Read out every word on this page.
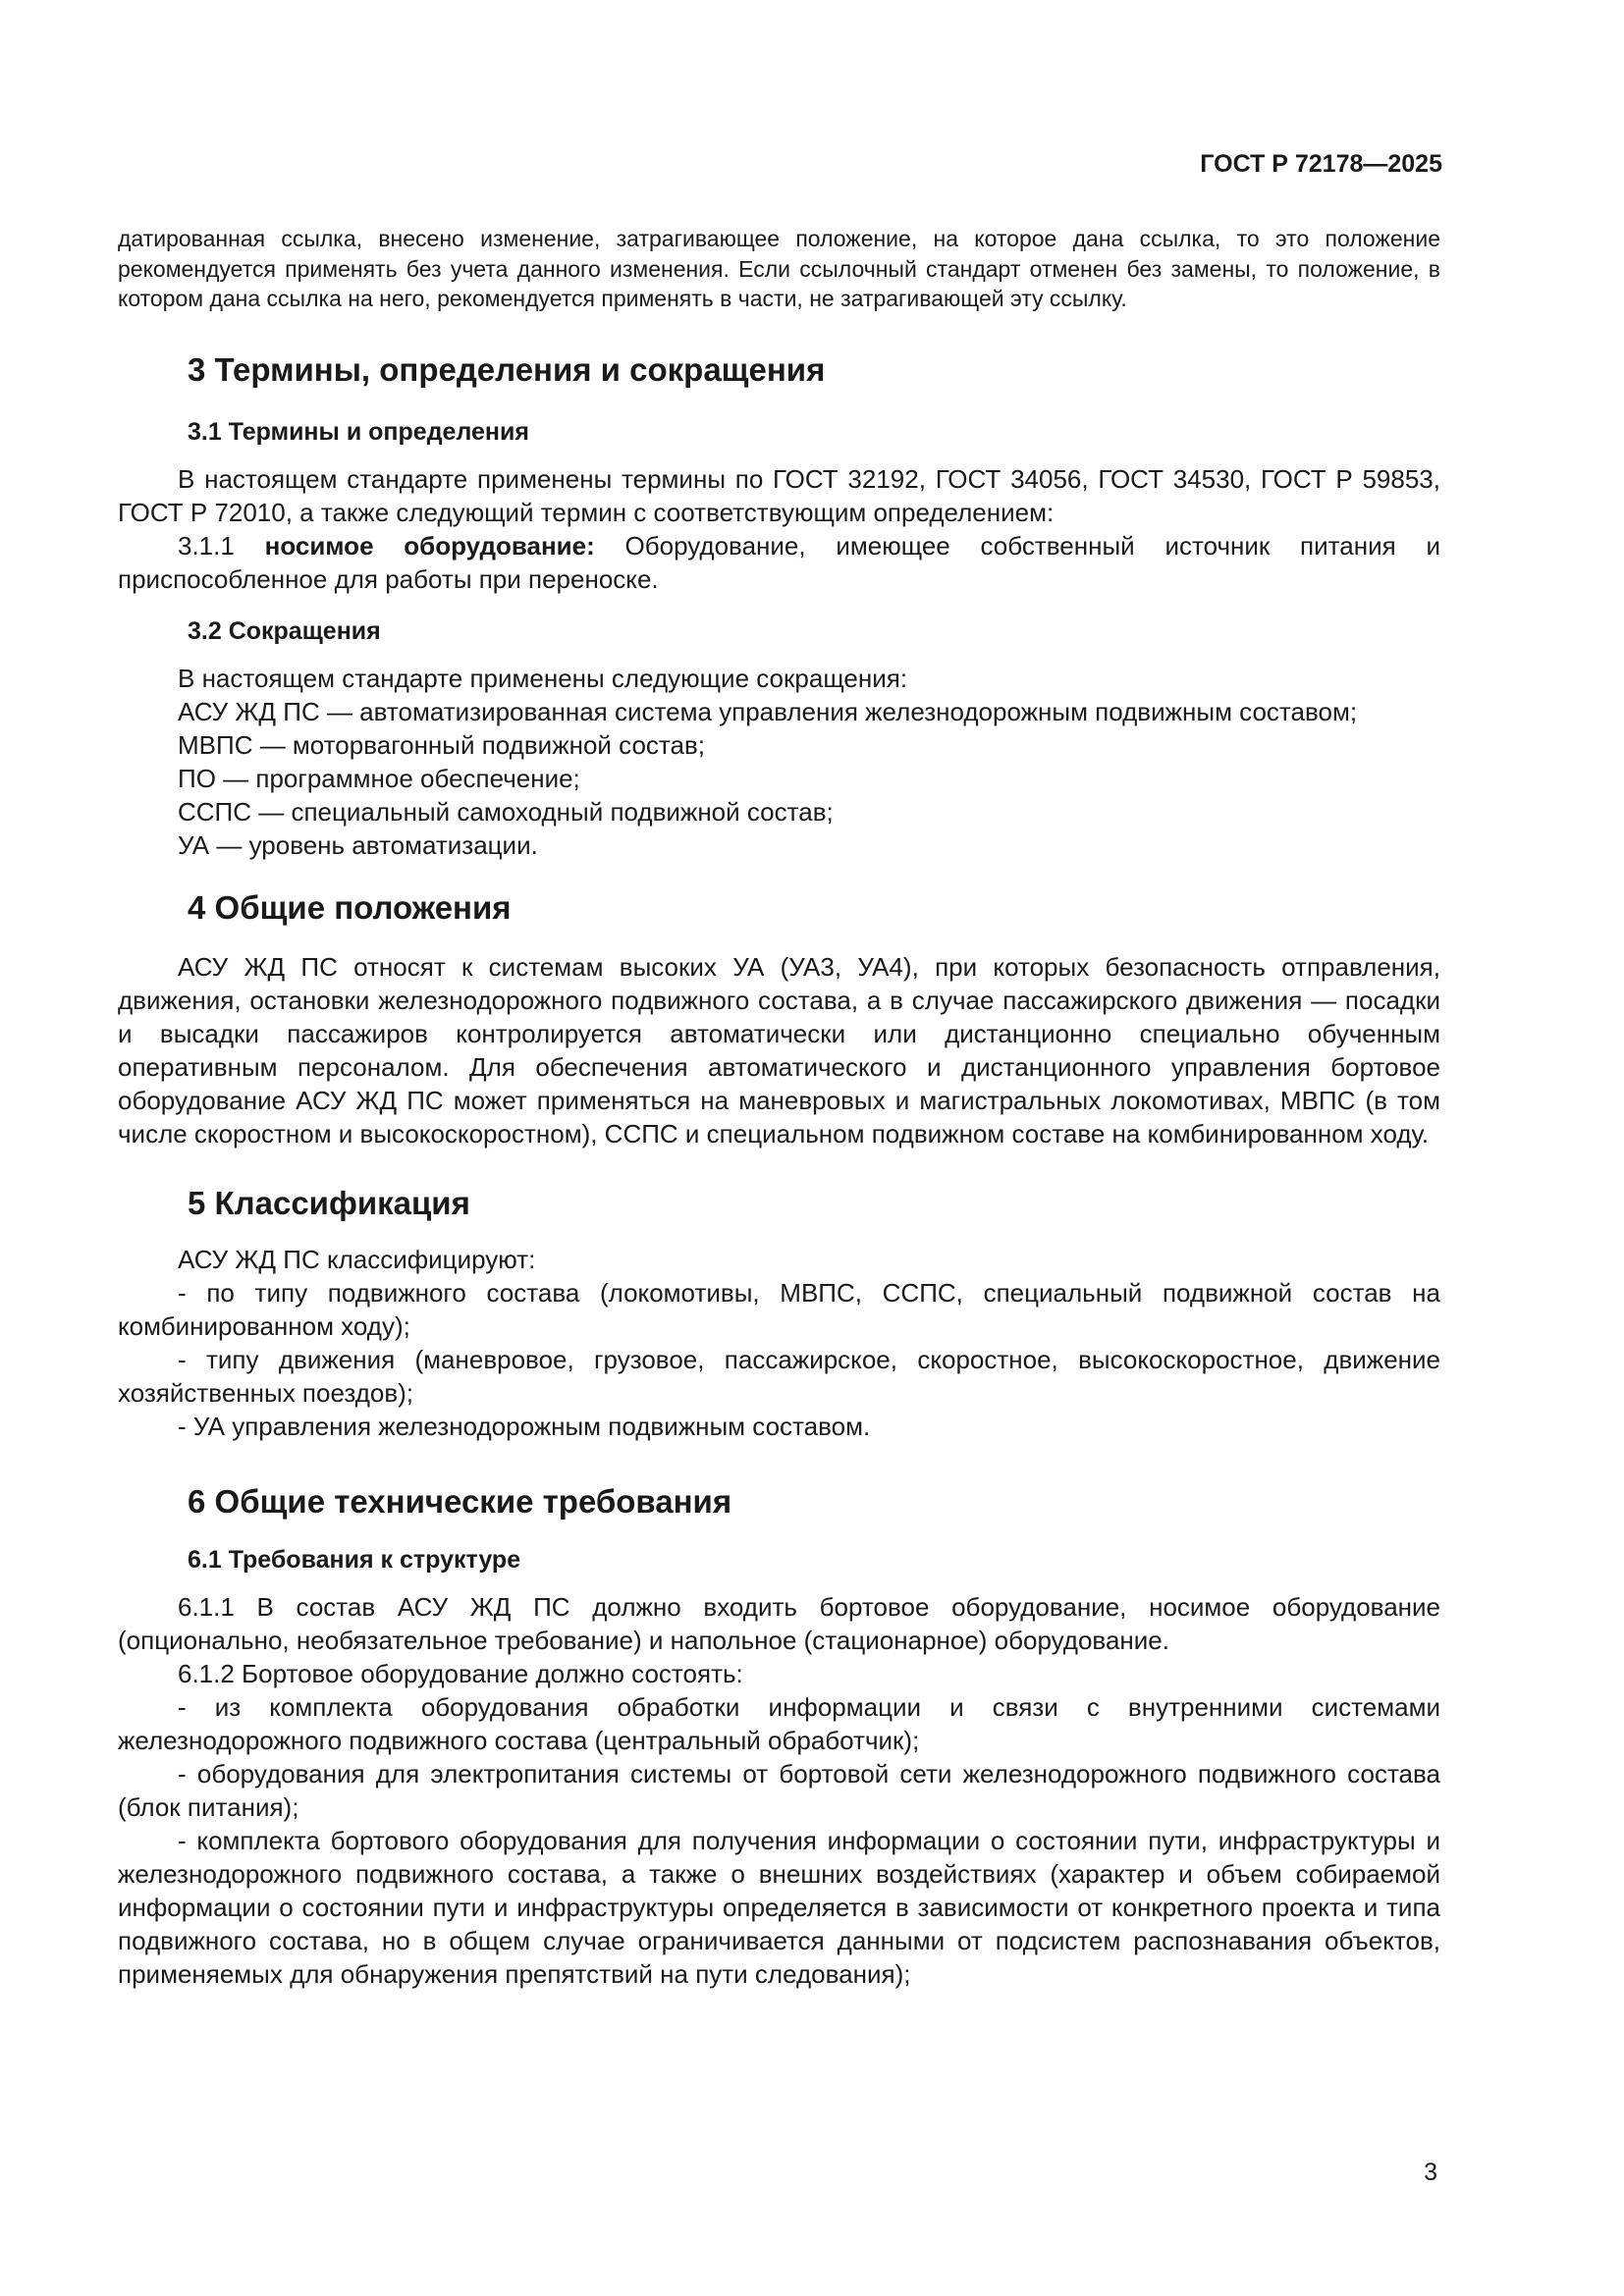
ГОСТ Р 72178—2025

датированная ссылка, внесено изменение, затрагивающее положение, на которое дана ссылка, то это положение рекомендуется применять без учета данного изменения. Если ссылочный стандарт отменен без замены, то положение, в котором дана ссылка на него, рекомендуется применять в части, не затрагивающей эту ссылку.

3 Термины, определения и сокращения
3.1 Термины и определения

В настоящем стандарте применены термины по ГОСТ 32192, ГОСТ 34056, ГОСТ 34530, ГОСТ Р 59853, ГОСТ Р 72010, а также следующий термин с соответствующим определением:

3.1.1 носимое оборудование: Оборудование, имеющее собственный источник питания и приспособленное для работы при переноске.

3.2 Сокращения

В настоящем стандарте применены следующие сокращения:

АСУ ЖД ПС — автоматизированная система управления железнодорожным подвижным составом;

МВПС — моторвагонный подвижной состав;

ПО — программное обеспечение;

ССПС — специальный самоходный подвижной состав;

УА — уровень автоматизации.

4 Общие положения

АСУ ЖД ПС относят к системам высоких УА (УА3, УА4), при которых безопасность отправления, движения, остановки железнодорожного подвижного состава, а в случае пассажирского движения — посадки и высадки пассажиров контролируется автоматически или дистанционно специально обученным оперативным персоналом. Для обеспечения автоматического и дистанционного управления бортовое оборудование АСУ ЖД ПС может применяться на маневровых и магистральных локомотивах, МВПС (в том числе скоростном и высокоскоростном), ССПС и специальном подвижном составе на комбинированном ходу.

5 Классификация

АСУ ЖД ПС классифицируют:

- по типу подвижного состава (локомотивы, МВПС, ССПС, специальный подвижной состав на комбинированном ходу);

- типу движения (маневровое, грузовое, пассажирское, скоростное, высокоскоростное, движение хозяйственных поездов);

- УА управления железнодорожным подвижным составом.

6 Общие технические требования
6.1 Требования к структуре

6.1.1 В состав АСУ ЖД ПС должно входить бортовое оборудование, носимое оборудование (опционально, необязательное требование) и напольное (стационарное) оборудование.

6.1.2 Бортовое оборудование должно состоять:

- из комплекта оборудования обработки информации и связи с внутренними системами железнодорожного подвижного состава (центральный обработчик);

- оборудования для электропитания системы от бортовой сети железнодорожного подвижного состава (блок питания);

- комплекта бортового оборудования для получения информации о состоянии пути, инфраструктуры и железнодорожного подвижного состава, а также о внешних воздействиях (характер и объем собираемой информации о состоянии пути и инфраструктуры определяется в зависимости от конкретного проекта и типа подвижного состава, но в общем случае ограничивается данными от подсистем распознавания объектов, применяемых для обнаружения препятствий на пути следования);

3
